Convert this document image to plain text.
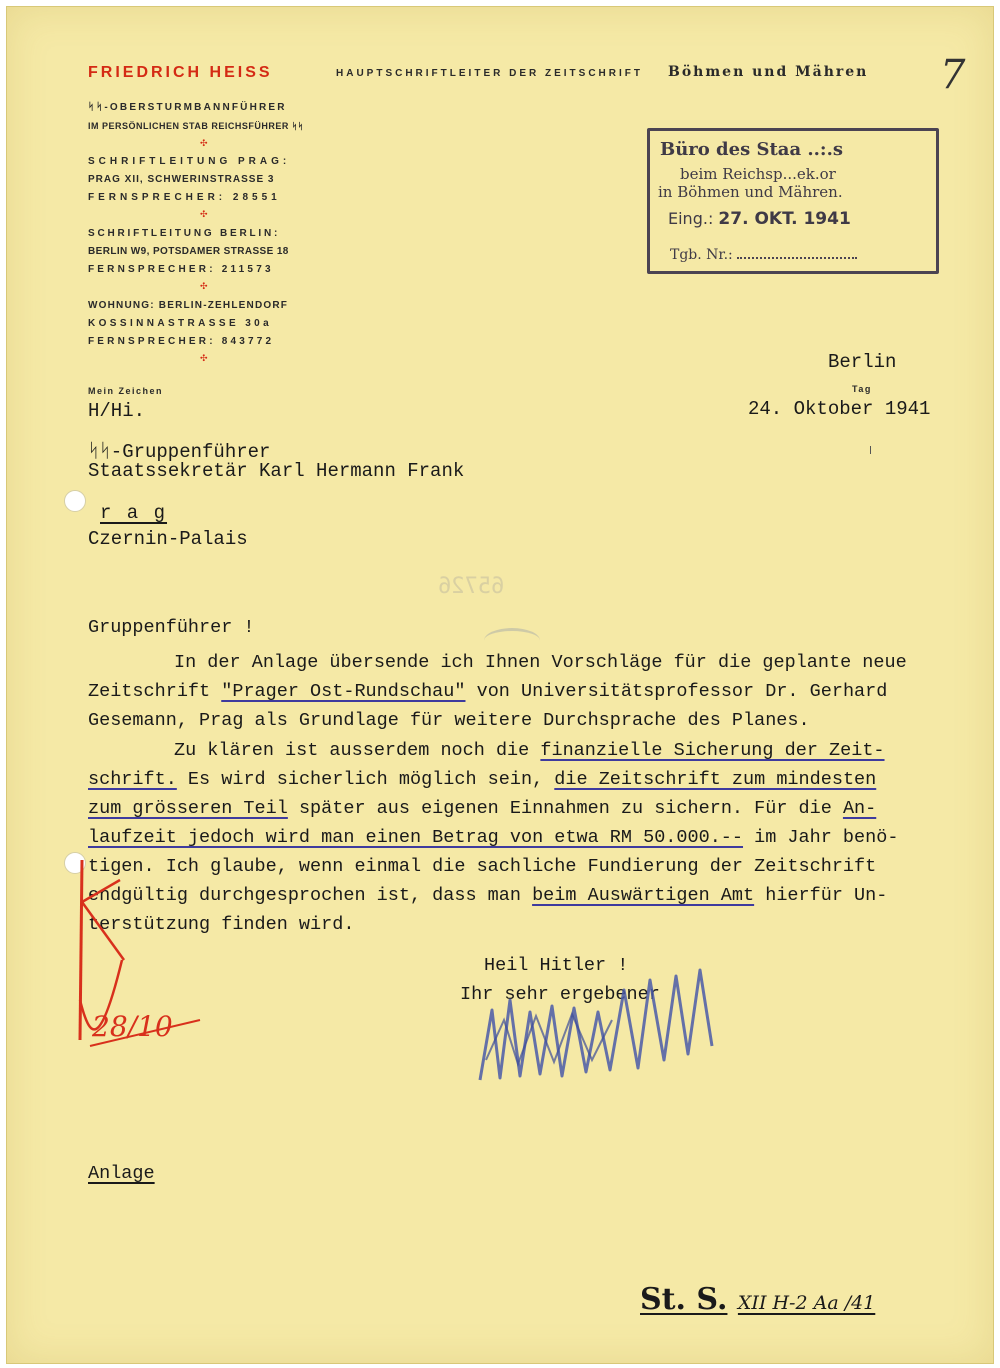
FRIEDRICH HEISS	HAUPTSCHRIFTLEITER DER ZEITSCHRIFT Böhmen und Mähren
ᛋᛋ-OBERSTURMBANNFÜHRER
IM PERSÖNLICHEN STAB REICHSFÜHRER ᛋᛋ
✣
SCHRIFTLEITUNG PRAG:
PRAG XII, SCHWERINSTRASSE 3
FERNSPRECHER: 28551
✣
SCHRIFTLEITUNG BERLIN:
BERLIN W9, POTSDAMER STRASSE 18
FERNSPRECHER: 211573
✣
WOHNUNG: BERLIN-ZEHLENDORF
KOSSINNASTRASSE 30a
FERNSPRECHER: 843772
✣
7
Büro des Staa ..:.s
beim Reichsp...ek.or
in Böhmen und Mähren.
Eing.: 27. OKT. 1941
Tgb. Nr.:
Mein Zeichen
H/Hi.
Berlin
Tag
24. Oktober 1941
ᛋᛋ-Gruppenführer
Staatssekretär Karl Hermann Frank
r a g
Czernin-Palais
65726
Gruppenführer !
In der Anlage übersende ich Ihnen Vorschläge für die geplante neue
Zeitschrift "Prager Ost-Rundschau" von Universitätsprofessor Dr. Gerhard
Gesemann, Prag als Grundlage für weitere Durchsprache des Planes.
Zu klären ist ausserdem noch die finanzielle Sicherung der Zeit-
schrift. Es wird sicherlich möglich sein, die Zeitschrift zum mindesten
zum grösseren Teil später aus eigenen Einnahmen zu sichern. Für die An-
laufzeit jedoch wird man einen Betrag von etwa RM 50.000.-- im Jahr benö-
tigen. Ich glaube, wenn einmal die sachliche Fundierung der Zeitschrift
endgültig durchgesprochen ist, dass man beim Auswärtigen Amt hierfür Un-
terstützung finden wird.
Heil Hitler !
Ihr sehr ergebener
28/10
Anlage
St. S. XII H-2 Aa /41
